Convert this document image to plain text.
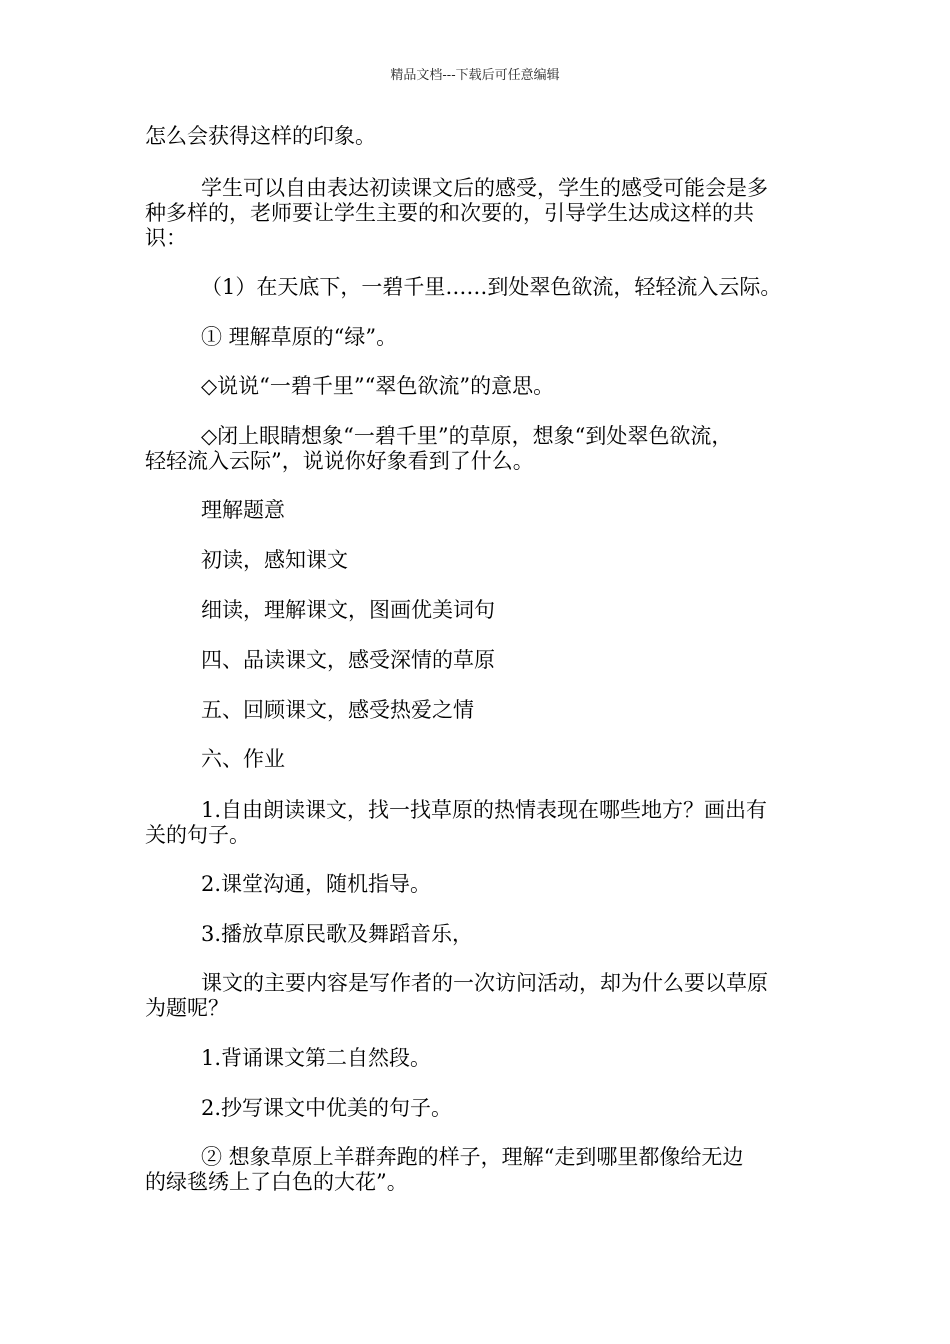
精品文档---下载后可任意编辑
怎么会获得这样的印象。
学生可以自由表达初读课文后的感受，学生的感受可能会是多
种多样的，老师要让学生主要的和次要的，引导学生达成这样的共
识：
（1）在天底下，一碧千里……到处翠色欲流，轻轻流入云际。
① 理解草原的“绿”。
◇说说“一碧千里”“翠色欲流”的意思。
◇闭上眼睛想象“一碧千里”的草原，想象“到处翠色欲流，
轻轻流入云际”，说说你好象看到了什么。
理解题意
初读，感知课文
细读，理解课文，图画优美词句
四、品读课文，感受深情的草原
五、回顾课文，感受热爱之情
六、作业
1.自由朗读课文，找一找草原的热情表现在哪些地方？画出有
关的句子。
2.课堂沟通，随机指导。
3.播放草原民歌及舞蹈音乐，
课文的主要内容是写作者的一次访问活动，却为什么要以草原
为题呢？
1.背诵课文第二自然段。
2.抄写课文中优美的句子。
② 想象草原上羊群奔跑的样子，理解“走到哪里都像给无边
的绿毯绣上了白色的大花”。
